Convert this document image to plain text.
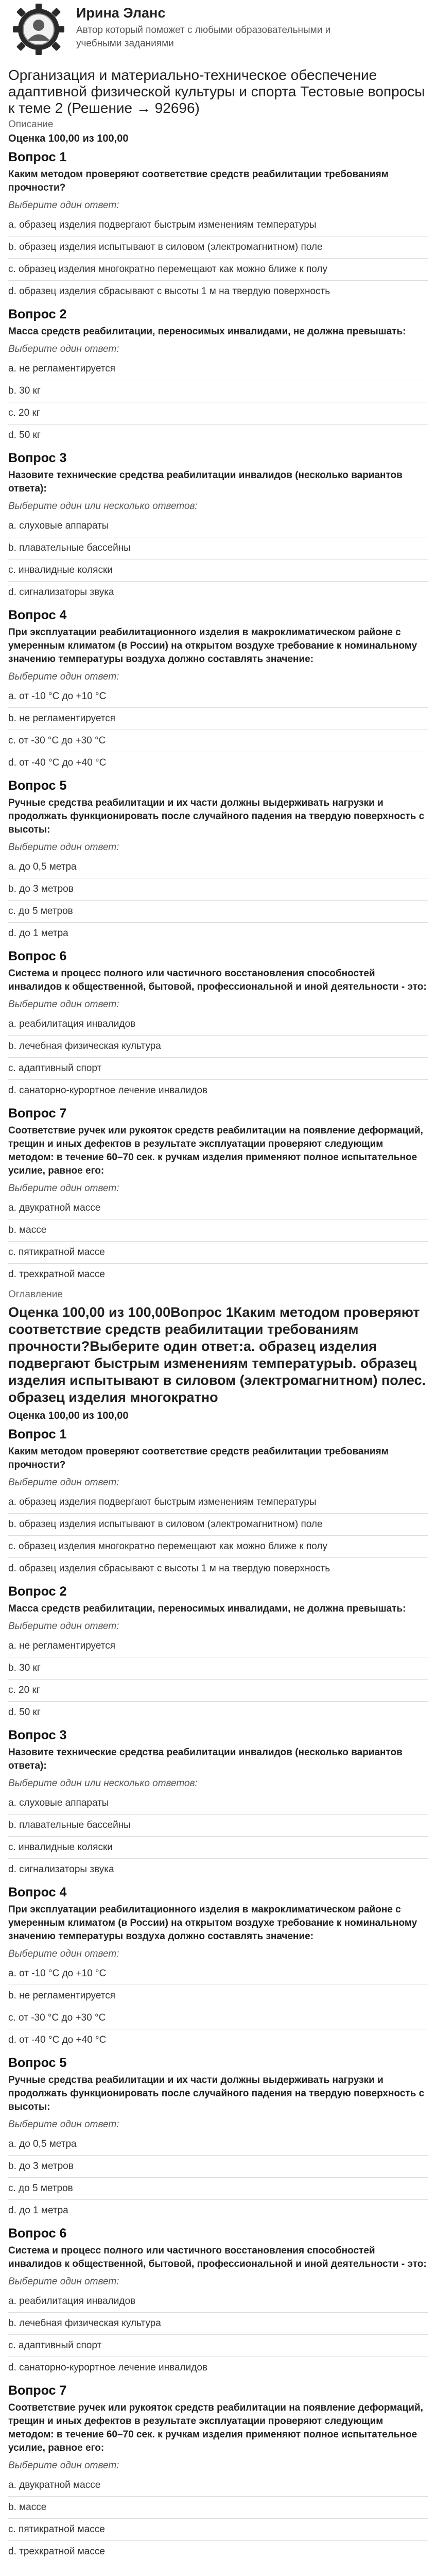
Ирина Эланс
Автор который поможет с любыми образовательными и учебными заданиями
Организация и материально-техническое обеспечение адаптивной физической культуры и спорта Тестовые вопросы к теме 2 (Решение → 92696)
Описание
Оценка 100,00 из 100,00
Вопрос 1
Каким методом проверяют соответствие средств реабилитации требованиям прочности?
Выберите один ответ:
a. образец изделия подвергают быстрым изменениям температуры
b. образец изделия испытывают в силовом (электромагнитном) поле
c. образец изделия многократно перемещают как можно ближе к полу
d. образец изделия сбрасывают с высоты 1 м на твердую поверхность
Вопрос 2
Масса средств реабилитации, переносимых инвалидами, не должна превышать:
Выберите один ответ:
a. не регламентируется
b. 30 кг
c. 20 кг
d. 50 кг
Вопрос 3
Назовите технические средства реабилитации инвалидов (несколько вариантов ответа):
Выберите один или несколько ответов:
a. слуховые аппараты
b. плавательные бассейны
c. инвалидные коляски
d. сигнализаторы звука
Вопрос 4
При эксплуатации реабилитационного изделия в макроклиматическом районе с умеренным климатом (в России) на открытом воздухе требование к номинальному значению температуры воздуха должно составлять значение:
Выберите один ответ:
a. от -10 °С до +10 °С
b. не регламентируется
c. от -30 °С до +30 °С
d. от -40 °С до +40 °С
Вопрос 5
Ручные средства реабилитации и их части должны выдерживать нагрузки и продолжать функционировать после случайного падения на твердую поверхность с высоты:
Выберите один ответ:
a. до 0,5 метра
b. до 3 метров
c. до 5 метров
d. до 1 метра
Вопрос 6
Система и процесс полного или частичного восстановления способностей инвалидов к общественной, бытовой, профессиональной и иной деятельности - это:
Выберите один ответ:
a. реабилитация инвалидов
b. лечебная физическая культура
c. адаптивный спорт
d. санаторно-курортное лечение инвалидов
Вопрос 7
Соответствие ручек или рукояток средств реабилитации на появление деформаций, трещин и иных дефектов в результате эксплуатации проверяют следующим методом: в течение 60–70 сек. к ручкам изделия применяют полное испытательное усилие, равное его:
Выберите один ответ:
a. двукратной массе
b. массе
c. пятикратной массе
d. трехкратной массе
Оглавление
Оценка 100,00 из 100,00Вопрос 1Каким методом проверяют соответствие средств реабилитации требованиям прочности?Выберите один ответ:a. образец изделия подвергают быстрым изменениям температурыb. образец изделия испытывают в силовом (электромагнитном) полес. образец изделия многократно
Оценка 100,00 из 100,00
Вопрос 1
Каким методом проверяют соответствие средств реабилитации требованиям прочности?
Выберите один ответ:
a. образец изделия подвергают быстрым изменениям температуры
b. образец изделия испытывают в силовом (электромагнитном) поле
c. образец изделия многократно перемещают как можно ближе к полу
d. образец изделия сбрасывают с высоты 1 м на твердую поверхность
Вопрос 2
Масса средств реабилитации, переносимых инвалидами, не должна превышать:
Выберите один ответ:
a. не регламентируется
b. 30 кг
c. 20 кг
d. 50 кг
Вопрос 3
Назовите технические средства реабилитации инвалидов (несколько вариантов ответа):
Выберите один или несколько ответов:
a. слуховые аппараты
b. плавательные бассейны
c. инвалидные коляски
d. сигнализаторы звука
Вопрос 4
При эксплуатации реабилитационного изделия в макроклиматическом районе с умеренным климатом (в России) на открытом воздухе требование к номинальному значению температуры воздуха должно составлять значение:
Выберите один ответ:
a. от -10 °С до +10 °С
b. не регламентируется
c. от -30 °С до +30 °С
d. от -40 °С до +40 °С
Вопрос 5
Ручные средства реабилитации и их части должны выдерживать нагрузки и продолжать функционировать после случайного падения на твердую поверхность с высоты:
Выберите один ответ:
a. до 0,5 метра
b. до 3 метров
c. до 5 метров
d. до 1 метра
Вопрос 6
Система и процесс полного или частичного восстановления способностей инвалидов к общественной, бытовой, профессиональной и иной деятельности - это:
Выберите один ответ:
a. реабилитация инвалидов
b. лечебная физическая культура
c. адаптивный спорт
d. санаторно-курортное лечение инвалидов
Вопрос 7
Соответствие ручек или рукояток средств реабилитации на появление деформаций, трещин и иных дефектов в результате эксплуатации проверяют следующим методом: в течение 60–70 сек. к ручкам изделия применяют полное испытательное усилие, равное его:
Выберите один ответ:
a. двукратной массе
b. массе
c. пятикратной массе
d. трехкратной массе
